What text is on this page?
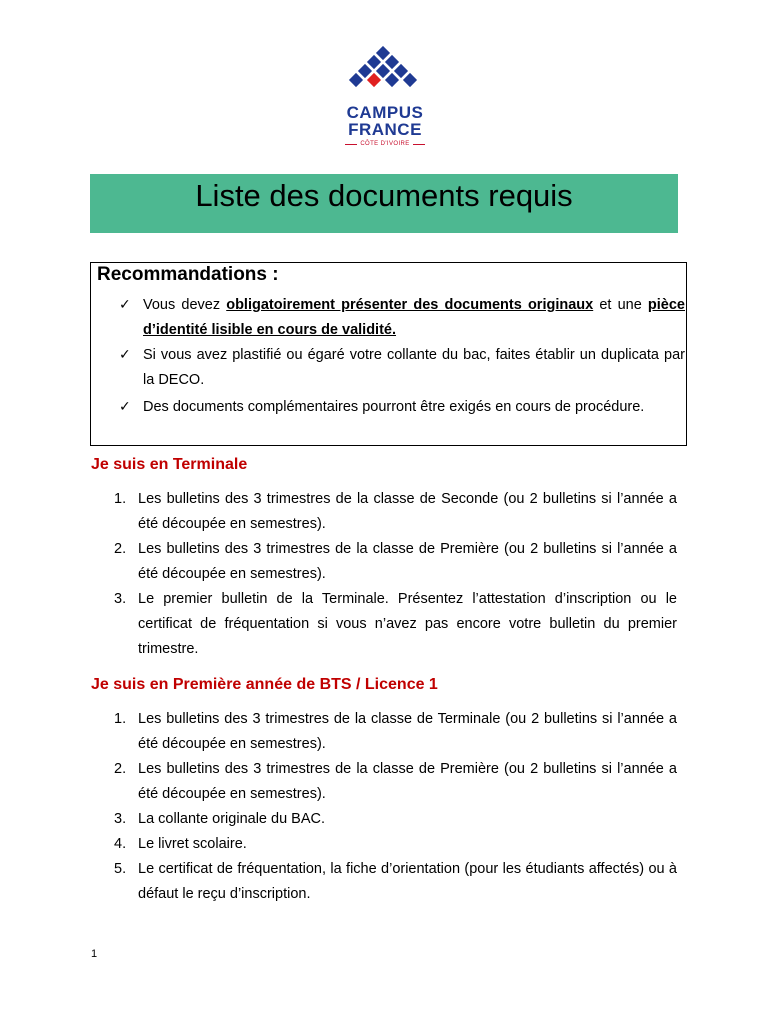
CAMPUS
FRANCE
CÔTE D'IVOIRE
Liste des documents requis
Recommandations :
✓ Vous devez obligatoirement présenter des documents originaux et une pièce d’identité lisible en cours de validité.
✓ Si vous avez plastifié ou égaré votre collante du bac, faites établir un duplicata par la DECO.
✓ Des documents complémentaires pourront être exigés en cours de procédure.
Je suis en Terminale
1. Les bulletins des 3 trimestres de la classe de Seconde (ou 2 bulletins si l’année a été découpée en semestres).
2. Les bulletins des 3 trimestres de la classe de Première (ou 2 bulletins si l’année a été découpée en semestres).
3. Le premier bulletin de la Terminale. Présentez l’attestation d’inscription ou le certificat de fréquentation si vous n’avez pas encore votre bulletin du premier trimestre.
Je suis en Première année de BTS / Licence 1
1. Les bulletins des 3 trimestres de la classe de Terminale (ou 2 bulletins si l’année a été découpée en semestres).
2. Les bulletins des 3 trimestres de la classe de Première (ou 2 bulletins si l’année a été découpée en semestres).
3. La collante originale du BAC.
4. Le livret scolaire.
5. Le certificat de fréquentation, la fiche d’orientation (pour les étudiants affectés) ou à défaut le reçu d’inscription.
1
